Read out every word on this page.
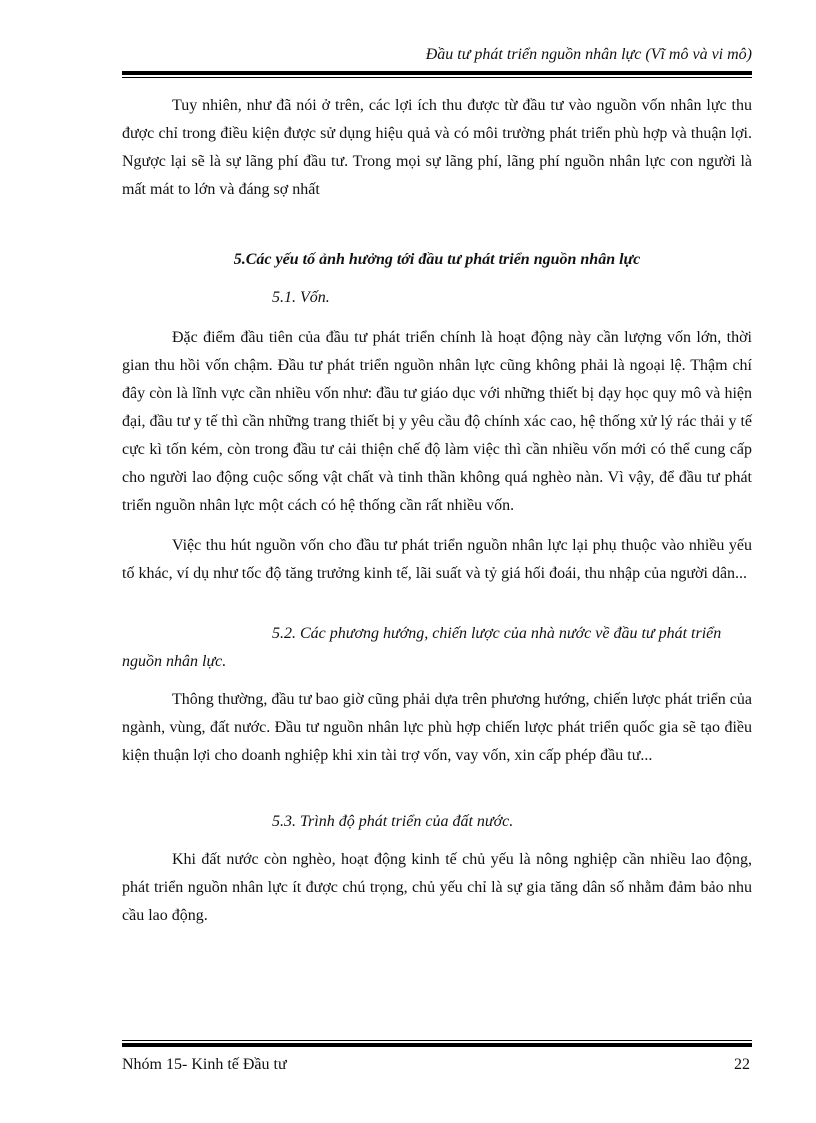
Đầu tư phát triển nguồn nhân lực (Vĩ mô và vi mô)

Tuy nhiên, như đã nói ở trên, các lợi ích thu được từ đầu tư vào nguồn vốn nhân lực thu được chỉ trong điều kiện được sử dụng hiệu quả và có môi trường phát triển phù hợp và thuận lợi. Ngược lại sẽ là sự lãng phí đầu tư. Trong mọi sự lãng phí, lãng phí nguồn nhân lực con người là mất mát to lớn và đáng sợ nhất

5.Các yếu tố ảnh hưởng tới đầu tư phát triển nguồn nhân lực

5.1. Vốn.

Đặc điểm đầu tiên của đầu tư phát triển chính là hoạt động này cần lượng vốn lớn, thời gian thu hồi vốn chậm. Đầu tư phát triển nguồn nhân lực cũng không phải là ngoại lệ. Thậm chí đây còn là lĩnh vực cần nhiều vốn như: đầu tư giáo dục với những thiết bị dạy học quy mô và hiện đại, đầu tư y tế thì cần những trang thiết bị y yêu cầu độ chính xác cao, hệ thống xử lý rác thải y tế cực kì tốn kém, còn trong đầu tư cải thiện chế độ làm việc thì cần nhiều vốn mới có thể cung cấp cho người lao động cuộc sống vật chất và tinh thần không quá nghèo nàn. Vì vậy, để đầu tư phát triển nguồn nhân lực một cách có hệ thống cần rất nhiều vốn.

Việc thu hút nguồn vốn cho đầu tư phát triển nguồn nhân lực lại phụ thuộc vào nhiều yếu tố khác, ví dụ như tốc độ tăng trưởng kinh tế, lãi suất và tỷ giá hối đoái, thu nhập của người dân...

5.2. Các phương hướng, chiến lược của nhà nước về đầu tư phát triển

nguồn nhân lực.

Thông thường, đầu tư bao giờ cũng phải dựa trên phương hướng, chiến lược phát triển của ngành, vùng, đất nước. Đầu tư nguồn nhân lực phù hợp chiến lược phát triển quốc gia sẽ tạo điều kiện thuận lợi cho doanh nghiệp khi xin tài trợ vốn, vay vốn, xin cấp phép đầu tư...

5.3. Trình độ phát triển của đất nước.

Khi đất nước còn nghèo, hoạt động kinh tế chủ yếu là nông nghiệp cần nhiều lao động, phát triển nguồn nhân lực ít được chú trọng, chủ yếu chỉ là sự gia tăng dân số nhằm đảm bảo nhu cầu lao động.

Nhóm 15- Kinh tế Đầu tư	22
